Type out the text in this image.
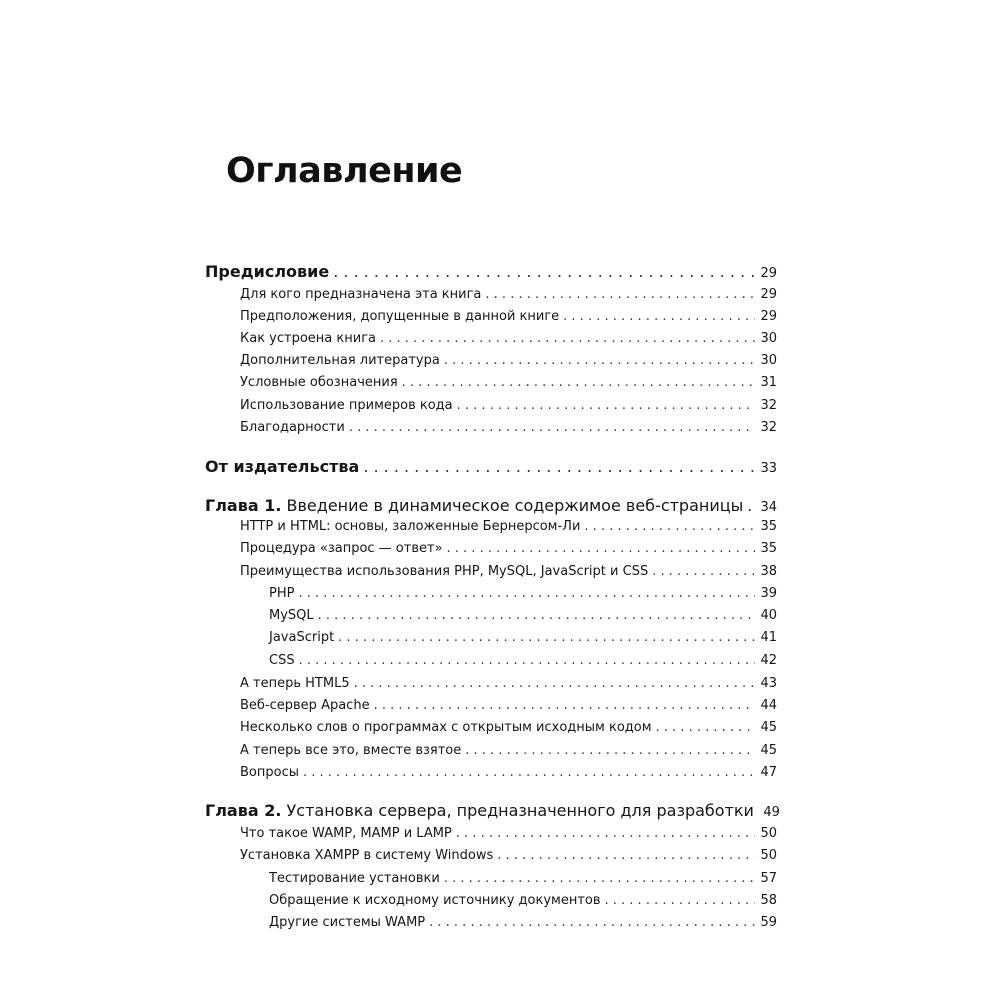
Оглавление
Предисловие . . .	29
Для кого предназначена эта книга . . .	29
Предположения, допущенные в данной книге . . .	29
Как устроена книга . . .	30
Дополнительная литература . . .	30
Условные обозначения . . .	31
Использование примеров кода . . .	32
Благодарности . . .	32
От издательства . . .	33
Глава 1. Введение в динамическое содержимое веб-страницы . . . 34
HTTP и HTML: основы, заложенные Бернерсом-Ли . . .	35
Процедура «запрос — ответ» . . .	35
Преимущества использования PHP, MySQL, JavaScript и CSS . . .	38
PHP . . .	39
MySQL . . .	40
JavaScript . . .	41
CSS . . .	42
А теперь HTML5 . . .	43
Веб-сервер Apache . . .	44
Несколько слов о программах с открытым исходным кодом . . .	45
А теперь все это, вместе взятое . . .	45
Вопросы . . .	47
Глава 2. Установка сервера, предназначенного для разработки 49
Что такое WAMP, MAMP и LAMP . . .	50
Установка XAMPP в систему Windows . . .	50
Тестирование установки . . .	57
Обращение к исходному источнику документов . . .	58
Другие системы WAMP . . .	59
